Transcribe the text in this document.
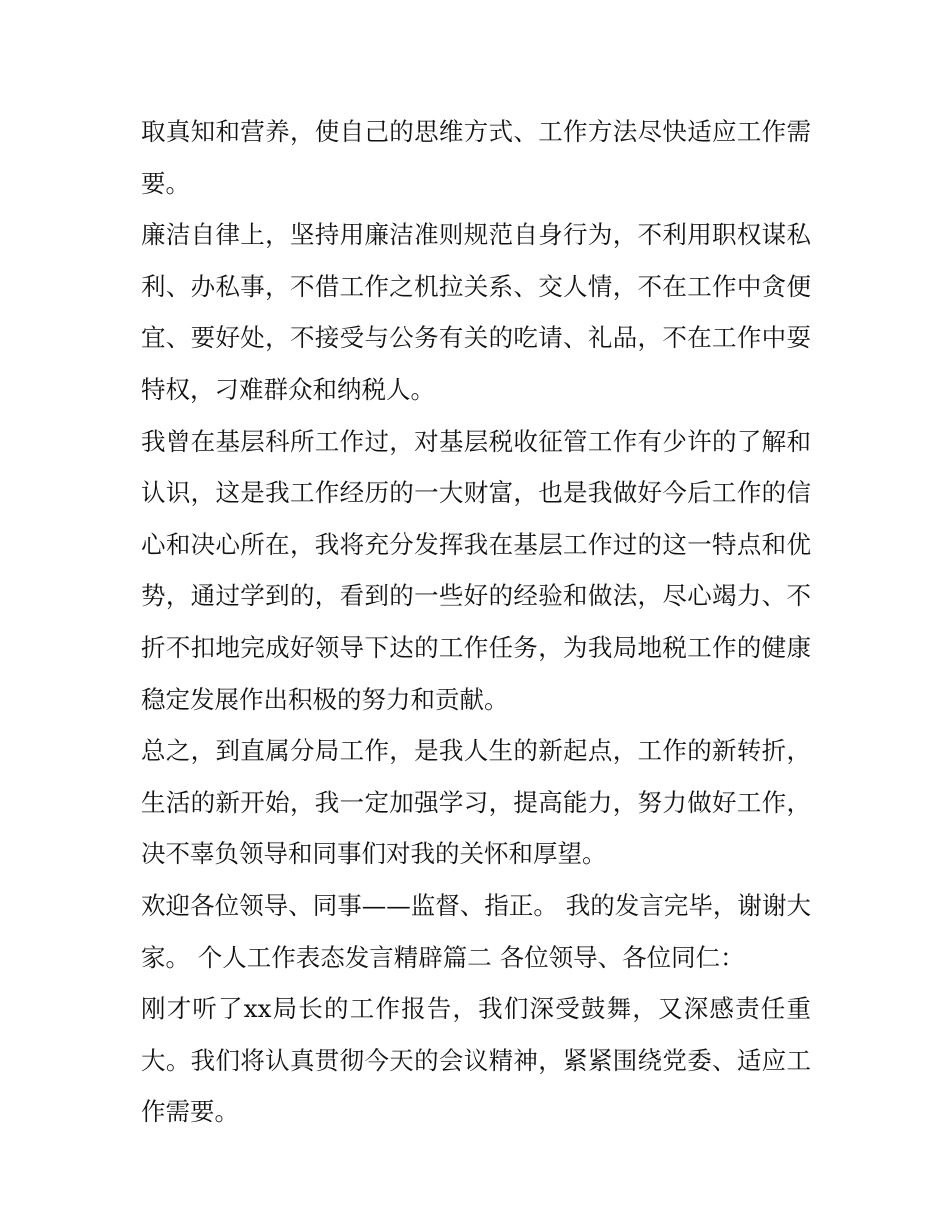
取真知和营养，使自己的思维方式、工作方法尽快适应工作需要。

廉洁自律上，坚持用廉洁准则规范自身行为，不利用职权谋私利、办私事，不借工作之机拉关系、交人情，不在工作中贪便宜、要好处，不接受与公务有关的吃请、礼品，不在工作中耍特权，刁难群众和纳税人。

我曾在基层科所工作过，对基层税收征管工作有少许的了解和认识，这是我工作经历的一大财富，也是我做好今后工作的信心和决心所在，我将充分发挥我在基层工作过的这一特点和优势，通过学到的，看到的一些好的经验和做法，尽心竭力、不折不扣地完成好领导下达的工作任务，为我局地税工作的健康稳定发展作出积极的努力和贡献。

总之，到直属分局工作，是我人生的新起点，工作的新转折，生活的新开始，我一定加强学习，提高能力，努力做好工作，决不辜负领导和同事们对我的关怀和厚望。

欢迎各位领导、同事——监督、指正。 我的发言完毕，谢谢大家。 个人工作表态发言精辟篇二 各位领导、各位同仁：

刚才听了xx局长的工作报告，我们深受鼓舞，又深感责任重大。我们将认真贯彻今天的会议精神，紧紧围绕党委、适应工作需要。
